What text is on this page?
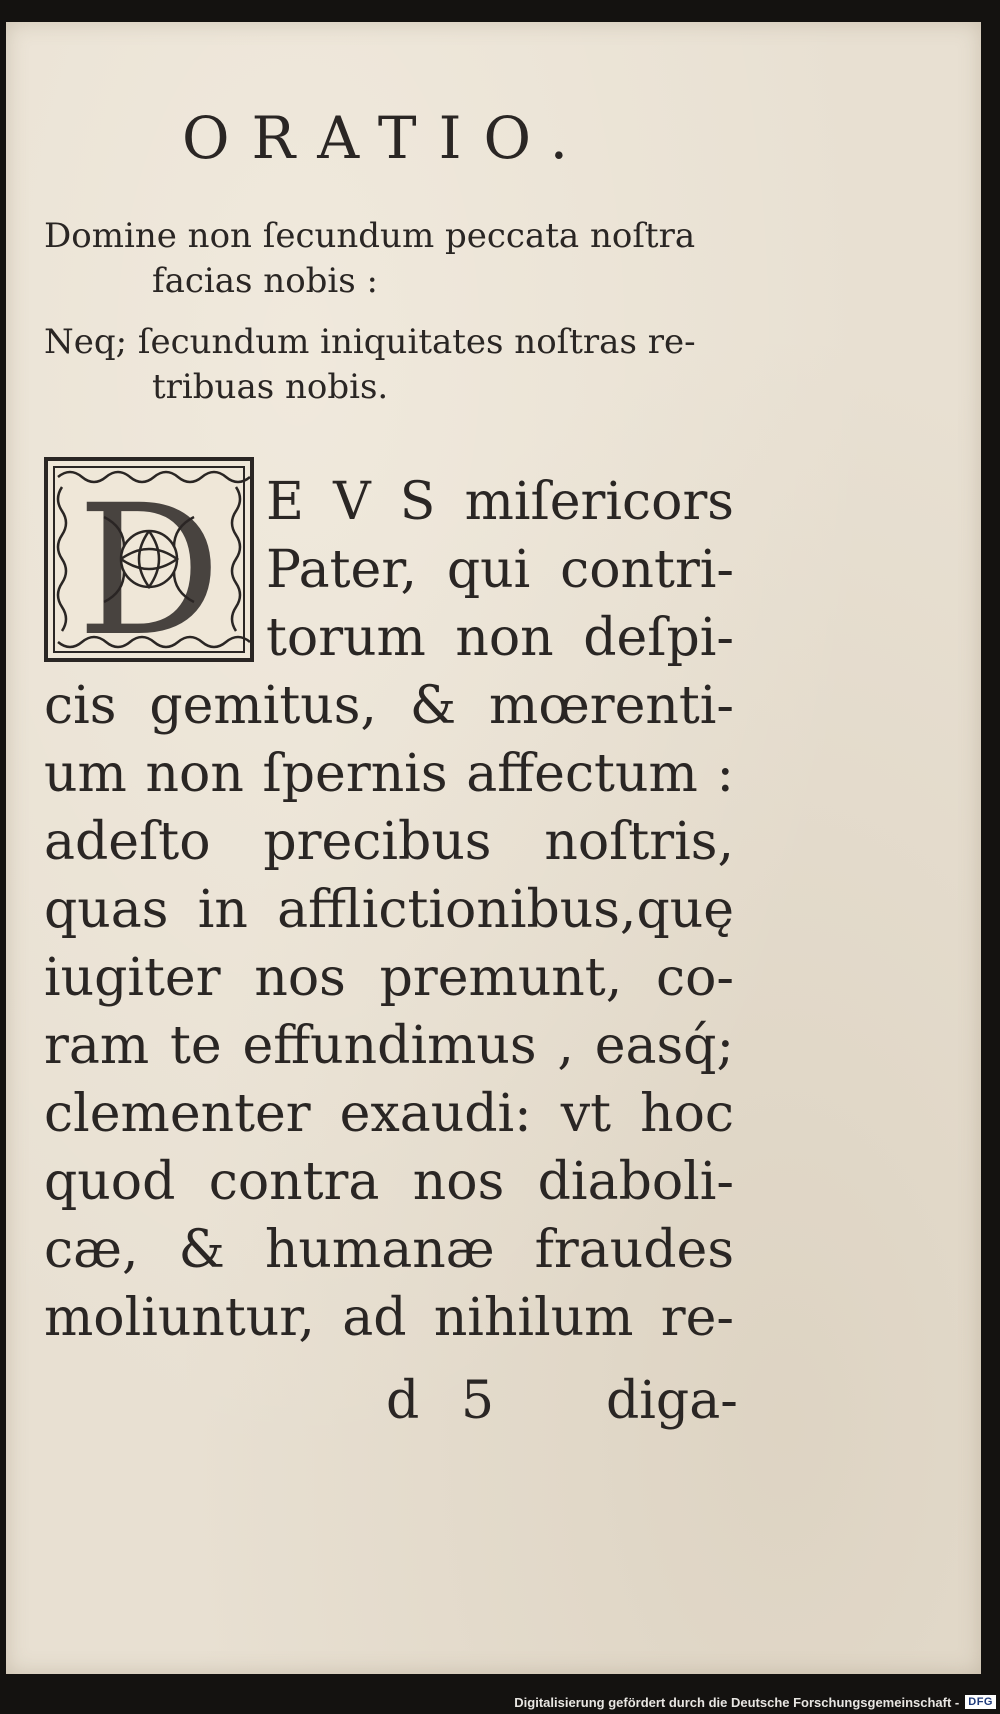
ORATIO.

Domine non ſecundum peccata noſtra
facias nobis :

Neq; ſecundum iniquitates noſtras re-
tribuas nobis.

D E V S miſericors
Pater, qui contri-
torum non deſpi-
cis gemitus, & mœrenti-
um non ſpernis affectum :
adeſto precibus noſtris,
quas in afflictionibus,quę
iugiter nos premunt, co-
ram te effundimus , easq́;
clementer exaudi: vt hoc
quod contra nos diaboli-
cæ, & humanæ fraudes
moliuntur, ad nihilum re-
d 5 diga-
Digitalisierung gefördert durch die Deutsche Forschungsgemeinschaft - DFG
